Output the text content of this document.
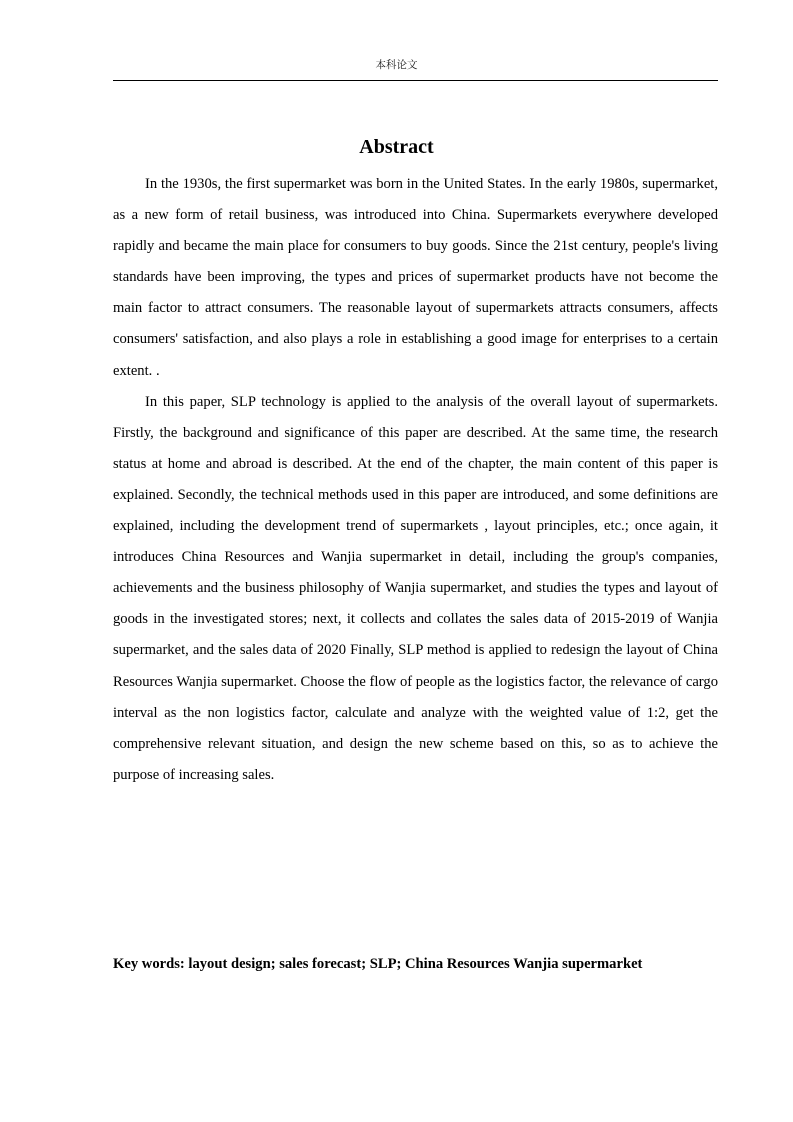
本科论文
Abstract

In the 1930s, the first supermarket was born in the United States. In the early 1980s, supermarket, as a new form of retail business, was introduced into China. Supermarkets everywhere developed rapidly and became the main place for consumers to buy goods. Since the 21st century, people's living standards have been improving, the types and prices of supermarket products have not become the main factor to attract consumers. The reasonable layout of supermarkets attracts consumers, affects consumers' satisfaction, and also plays a role in establishing a good image for enterprises to a certain extent. .

In this paper, SLP technology is applied to the analysis of the overall layout of supermarkets. Firstly, the background and significance of this paper are described. At the same time, the research status at home and abroad is described. At the end of the chapter, the main content of this paper is explained. Secondly, the technical methods used in this paper are introduced, and some definitions are explained, including the development trend of supermarkets , layout principles, etc.; once again, it introduces China Resources and Wanjia supermarket in detail, including the group's companies, achievements and the business philosophy of Wanjia supermarket, and studies the types and layout of goods in the investigated stores; next, it collects and collates the sales data of 2015-2019 of Wanjia supermarket, and the sales data of 2020 Finally, SLP method is applied to redesign the layout of China Resources Wanjia supermarket. Choose the flow of people as the logistics factor, the relevance of cargo interval as the non logistics factor, calculate and analyze with the weighted value of 1:2, get the comprehensive relevant situation, and design the new scheme based on this, so as to achieve the purpose of increasing sales.

Key words: layout design; sales forecast; SLP; China Resources Wanjia supermarket
